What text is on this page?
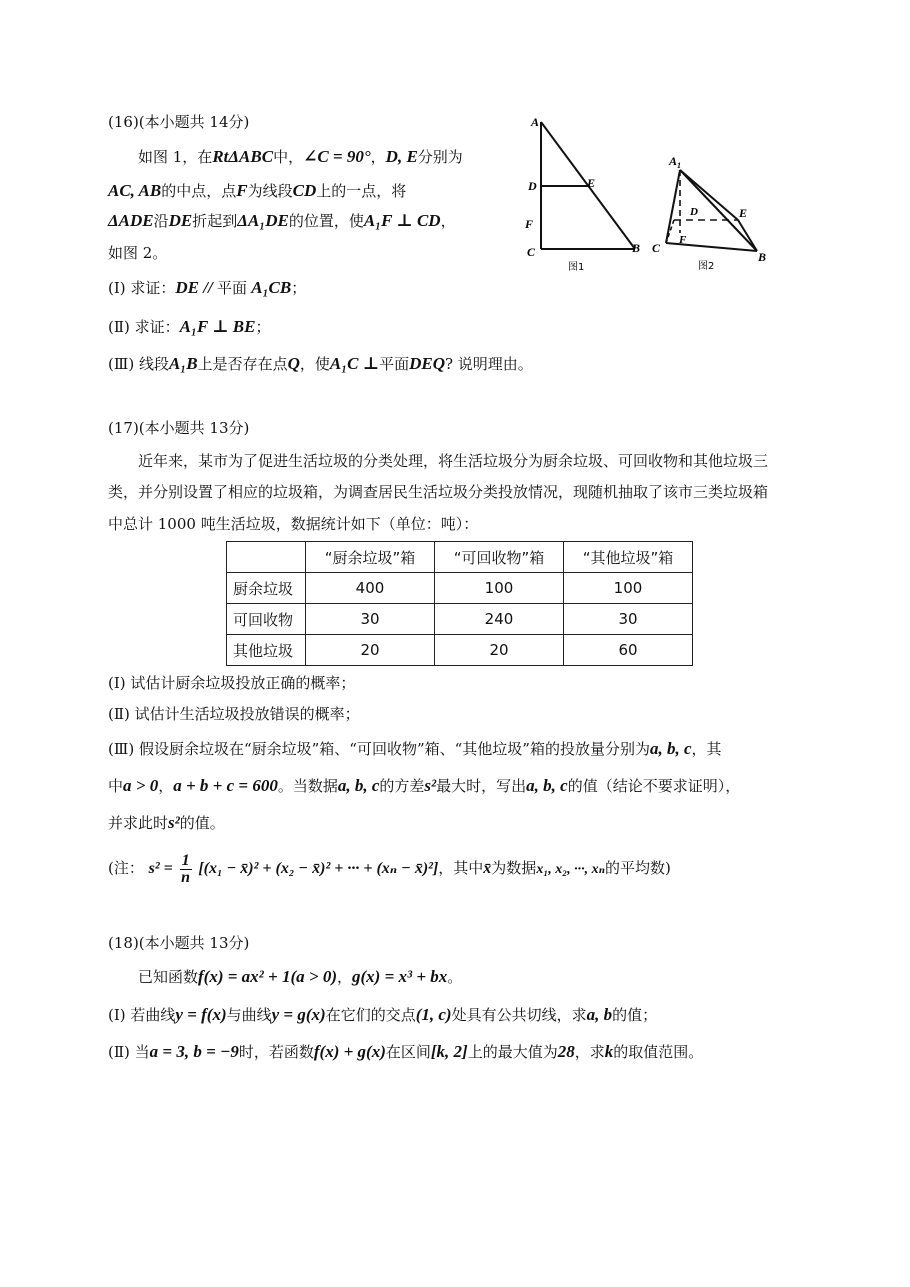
(16)(本小题共 14分)
如图 1，在RtΔABC中，∠C = 90°，D, E分别为
AC, AB的中点，点F为线段CD上的一点，将
ΔADE沿DE折起到ΔA₁DE的位置，使A₁F ⊥ CD，
如图 2。
(Ⅰ) 求证：DE // 平面 A₁CB；
(Ⅱ) 求证：A₁F ⊥ BE；
(Ⅲ) 线段A₁B上是否存在点Q，使A₁C ⊥平面DEQ? 说明理由。
A
D	E
F
C	B
图1
$A_1$
D	E
F
C
B
图2
(17)(本小题共 13分)
近年来，某市为了促进生活垃圾的分类处理，将生活垃圾分为厨余垃圾、可回收物和其他垃圾三
类，并分别设置了相应的垃圾箱，为调查居民生活垃圾分类投放情况，现随机抽取了该市三类垃圾箱
中总计 1000 吨生活垃圾，数据统计如下（单位：吨）：
	“厨余垃圾”箱	“可回收物”箱	“其他垃圾”箱
厨余垃圾	400	100	100
可回收物	30	240	30
其他垃圾	20	20	60
(Ⅰ) 试估计厨余垃圾投放正确的概率；
(Ⅱ) 试估计生活垃圾投放错误的概率；
(Ⅲ) 假设厨余垃圾在“厨余垃圾”箱、“可回收物”箱、“其他垃圾”箱的投放量分别为a, b, c，其
中a > 0，a + b + c = 600。当数据a, b, c的方差s²最大时，写出a, b, c的值（结论不要求证明），
并求此时s²的值。
(注： $s^2 = \frac{1}{n} [(x_1$ − x̄)² + (x₂ − x̄)² + ··· + (xₙ − x̄)²]，其中x̄为数据x₁, x₂, ···, xₙ的平均数)
(18)(本小题共 13分)
已知函数f(x) = ax² + 1(a > 0)，g(x) = x³ + bx。
(Ⅰ) 若曲线y = f(x)与曲线y = g(x)在它们的交点(1, c)处具有公共切线，求a, b的值；
(Ⅱ) 当a = 3, b = −9时，若函数f(x) + g(x)在区间[k, 2]上的最大值为28，求k的取值范围。
